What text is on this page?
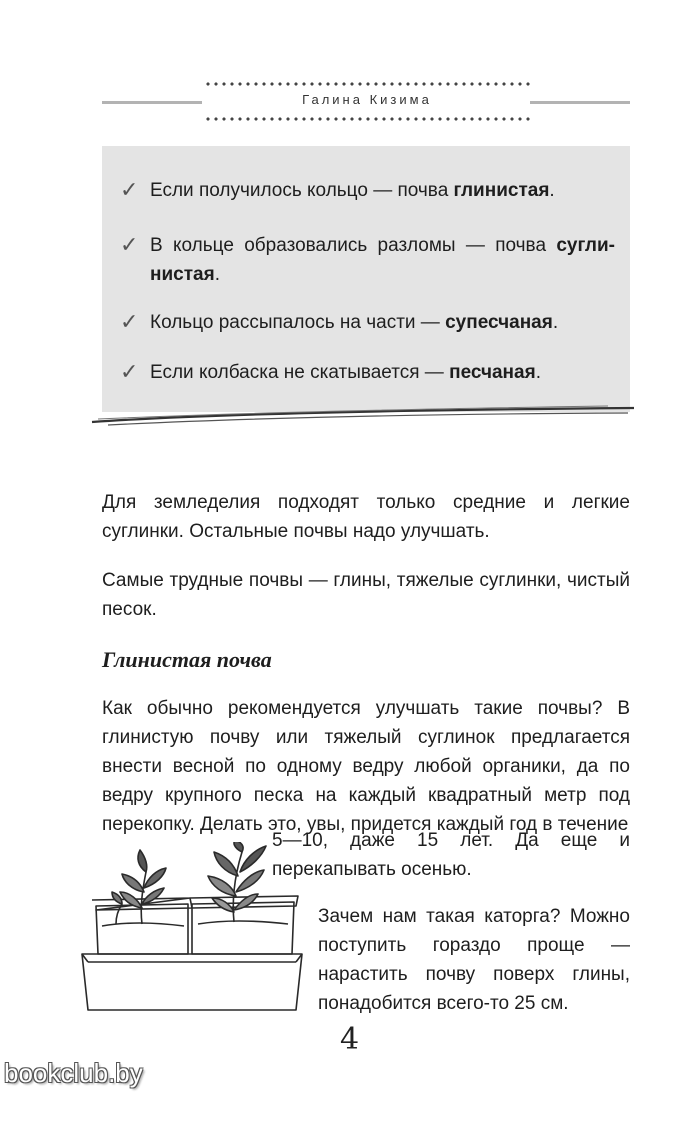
Галина Кизима
✓ Если получилось кольцо — почва глинистая.
✓ В кольце образовались разломы — почва сугли-нистая.
✓ Кольцо рассыпалось на части — супесчаная.
✓ Если колбаска не скатывается — песчаная.
Для земледелия подходят только средние и легкие суглинки. Остальные почвы надо улучшать.
Самые трудные почвы — глины, тяжелые суглинки, чистый песок.
Глинистая почва
Как обычно рекомендуется улучшать такие почвы? В глинистую почву или тяжелый суглинок предлагается внести весной по одному ведру любой органики, да по ведру крупного песка на каждый квадратный метр под перекопку. Делать это, увы, придется каждый год в течение
5—10, даже 15 лет. Да еще и перекапывать осенью.
Зачем нам такая каторга? Можно поступить гораздо проще — нарастить почву поверх глины, понадобится всего-то 25 см.
4
bookclub.by
